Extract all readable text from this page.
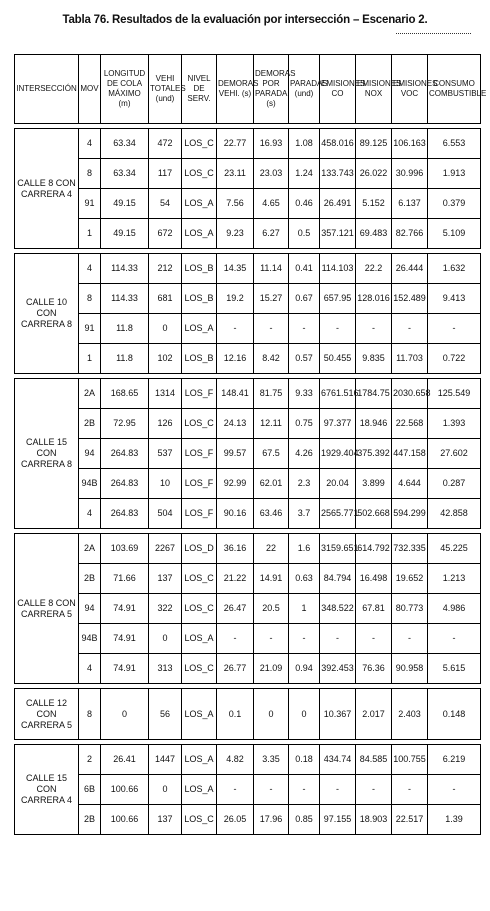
Tabla 76. Resultados de la evaluación por intersección – Escenario 2.
INTERSECCIÓN	MOV	LONGITUD DE COLA MÁXIMO (m)	VEHI TOTALES (und)	NIVEL DE SERV.	DEMORAS VEHI. (s)	DEMORAS POR PARADA (s)	PARADAS (und)	EMISIONES CO	EMISIONES NOX	EMISIONES VOC	CONSUMO COMBUSTIBLE

CALLE 8 CON CARRERA 4	4	63.34	472	LOS_C	22.77	16.93	1.08	458.016	89.125	106.163	6.553
	8	63.34	117	LOS_C	23.11	23.03	1.24	133.743	26.022	30.996	1.913
	91	49.15	54	LOS_A	7.56	4.65	0.46	26.491	5.152	6.137	0.379
	1	49.15	672	LOS_A	9.23	6.27	0.5	357.121	69.483	82.766	5.109

CALLE 10 CON CARRERA 8	4	114.33	212	LOS_B	14.35	11.14	0.41	114.103	22.2	26.444	1.632
	8	114.33	681	LOS_B	19.2	15.27	0.67	657.95	128.016	152.489	9.413
	91	11.8	0	LOS_A	-	-	-	-	-	-	-
	1	11.8	102	LOS_B	12.16	8.42	0.57	50.455	9.835	11.703	0.722

CALLE 15 CON CARRERA 8	2A	168.65	1314	LOS_F	148.41	81.75	9.33	6761.516	1784.75	2030.658	125.549
	2B	72.95	126	LOS_C	24.13	12.11	0.75	97.377	18.946	22.568	1.393
	94	264.83	537	LOS_F	99.57	67.5	4.26	1929.404	375.392	447.158	27.602
	94B	264.83	10	LOS_F	92.99	62.01	2.3	20.04	3.899	4.644	0.287
	4	264.83	504	LOS_F	90.16	63.46	3.7	2565.771	502.668	594.299	42.858

CALLE 8 CON CARRERA 5	2A	103.69	2267	LOS_D	36.16	22	1.6	3159.651	614.792	732.335	45.225
	2B	71.66	137	LOS_C	21.22	14.91	0.63	84.794	16.498	19.652	1.213
	94	74.91	322	LOS_C	26.47	20.5	1	348.522	67.81	80.773	4.986
	94B	74.91	0	LOS_A	-	-	-	-	-	-	-
	4	74.91	313	LOS_C	26.77	21.09	0.94	392.453	76.36	90.958	5.615

CALLE 12 CON CARRERA 5	8	0	56	LOS_A	0.1	0	0	10.367	2.017	2.403	0.148

CALLE 15 CON CARRERA 4	2	26.41	1447	LOS_A	4.82	3.35	0.18	434.74	84.585	100.755	6.219
	6B	100.66	0	LOS_A	-	-	-	-	-	-	-
	2B	100.66	137	LOS_C	26.05	17.96	0.85	97.155	18.903	22.517	1.39
